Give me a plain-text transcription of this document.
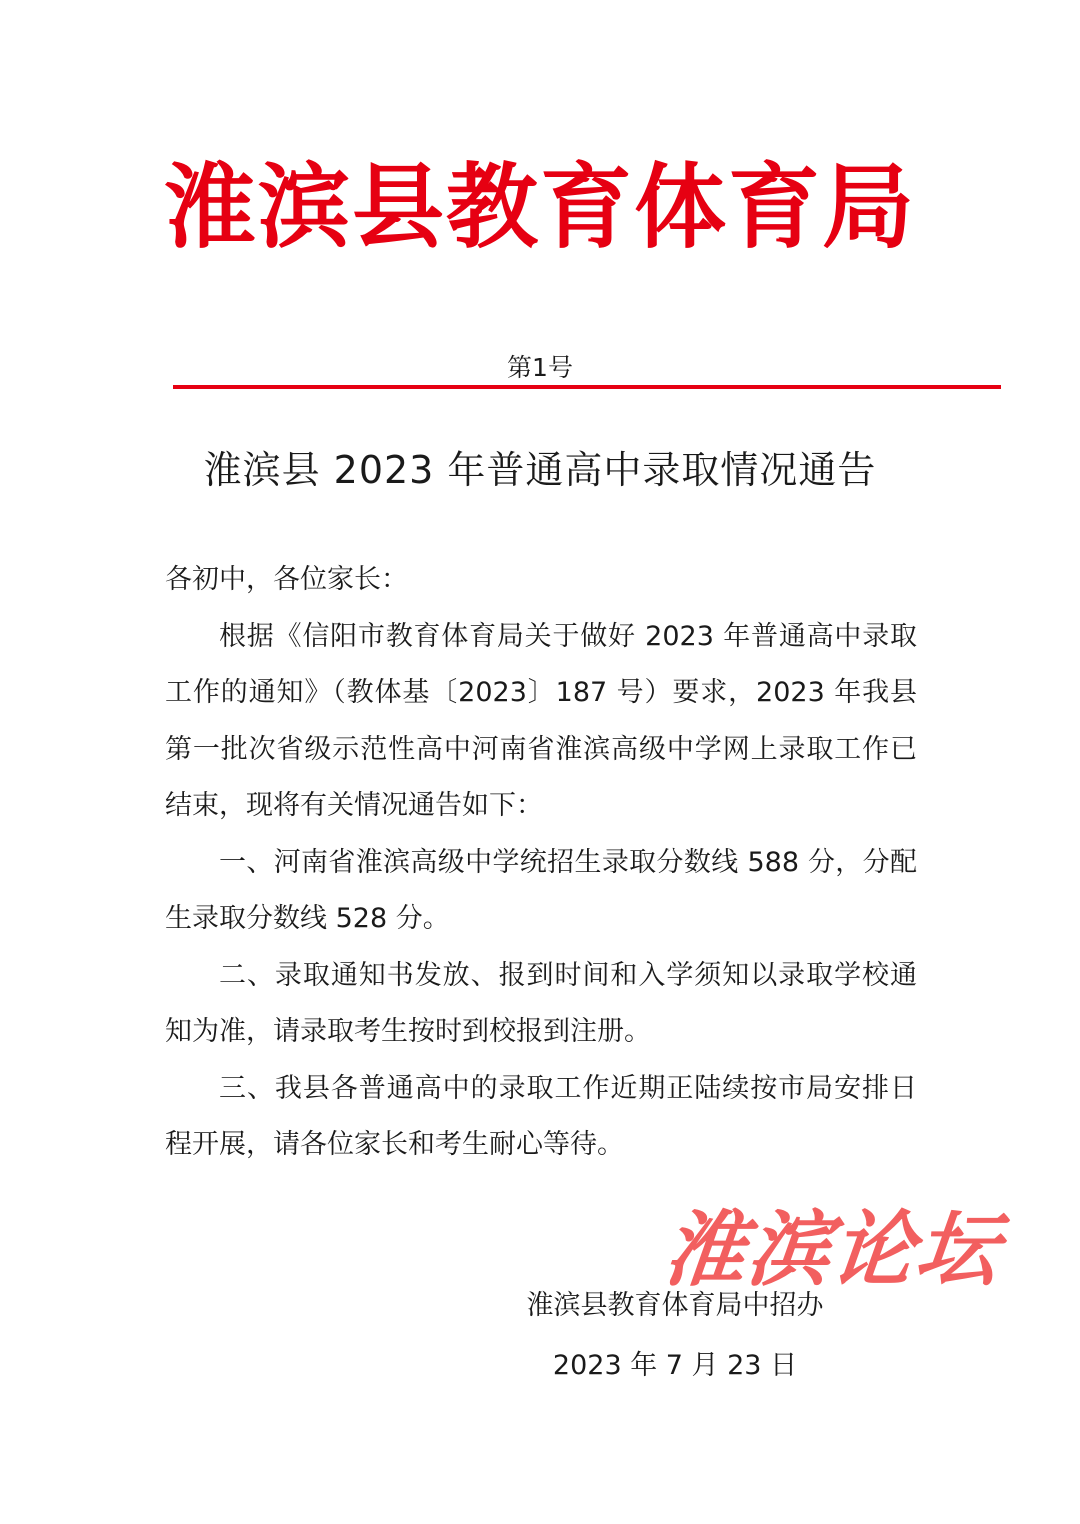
淮滨县教育体育局
第1号
淮滨县 2023 年普通高中录取情况通告

各初中，各位家长：

根据《信阳市教育体育局关于做好 2023 年普通高中录取工作的通知》（教体基〔2023〕187 号）要求，2023 年我县第一批次省级示范性高中河南省淮滨高级中学网上录取工作已结束，现将有关情况通告如下：

一、河南省淮滨高级中学统招生录取分数线 588 分，分配生录取分数线 528 分。

二、录取通知书发放、报到时间和入学须知以录取学校通知为准，请录取考生按时到校报到注册。

三、我县各普通高中的录取工作近期正陆续按市局安排日程开展，请各位家长和考生耐心等待。

淮滨论坛
淮滨县教育体育局中招办
2023 年 7 月 23 日
